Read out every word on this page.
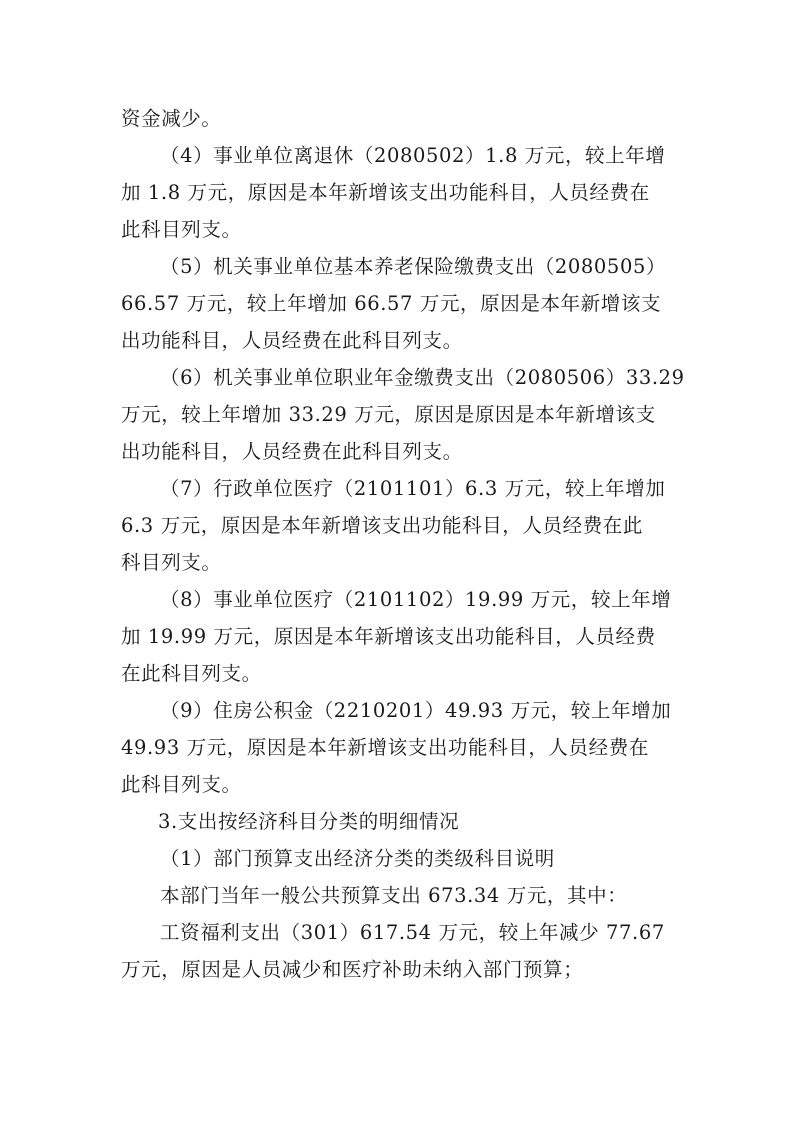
资金减少。
（4）事业单位离退休（2080502）1.8 万元，较上年增
加 1.8 万元，原因是本年新增该支出功能科目，人员经费在
此科目列支。
（5）机关事业单位基本养老保险缴费支出（2080505）
66.57 万元，较上年增加 66.57 万元，原因是本年新增该支
出功能科目，人员经费在此科目列支。
（6）机关事业单位职业年金缴费支出（2080506）33.29
万元，较上年增加 33.29 万元，原因是原因是本年新增该支
出功能科目，人员经费在此科目列支。
（7）行政单位医疗（2101101）6.3 万元，较上年增加
6.3 万元，原因是本年新增该支出功能科目，人员经费在此
科目列支。
（8）事业单位医疗（2101102）19.99 万元，较上年增
加 19.99 万元，原因是本年新增该支出功能科目，人员经费
在此科目列支。
（9）住房公积金（2210201）49.93 万元，较上年增加
49.93 万元，原因是本年新增该支出功能科目，人员经费在
此科目列支。
3.支出按经济科目分类的明细情况
（1）部门预算支出经济分类的类级科目说明
本部门当年一般公共预算支出 673.34 万元，其中：
工资福利支出（301）617.54 万元，较上年减少 77.67
万元，原因是人员减少和医疗补助未纳入部门预算；
